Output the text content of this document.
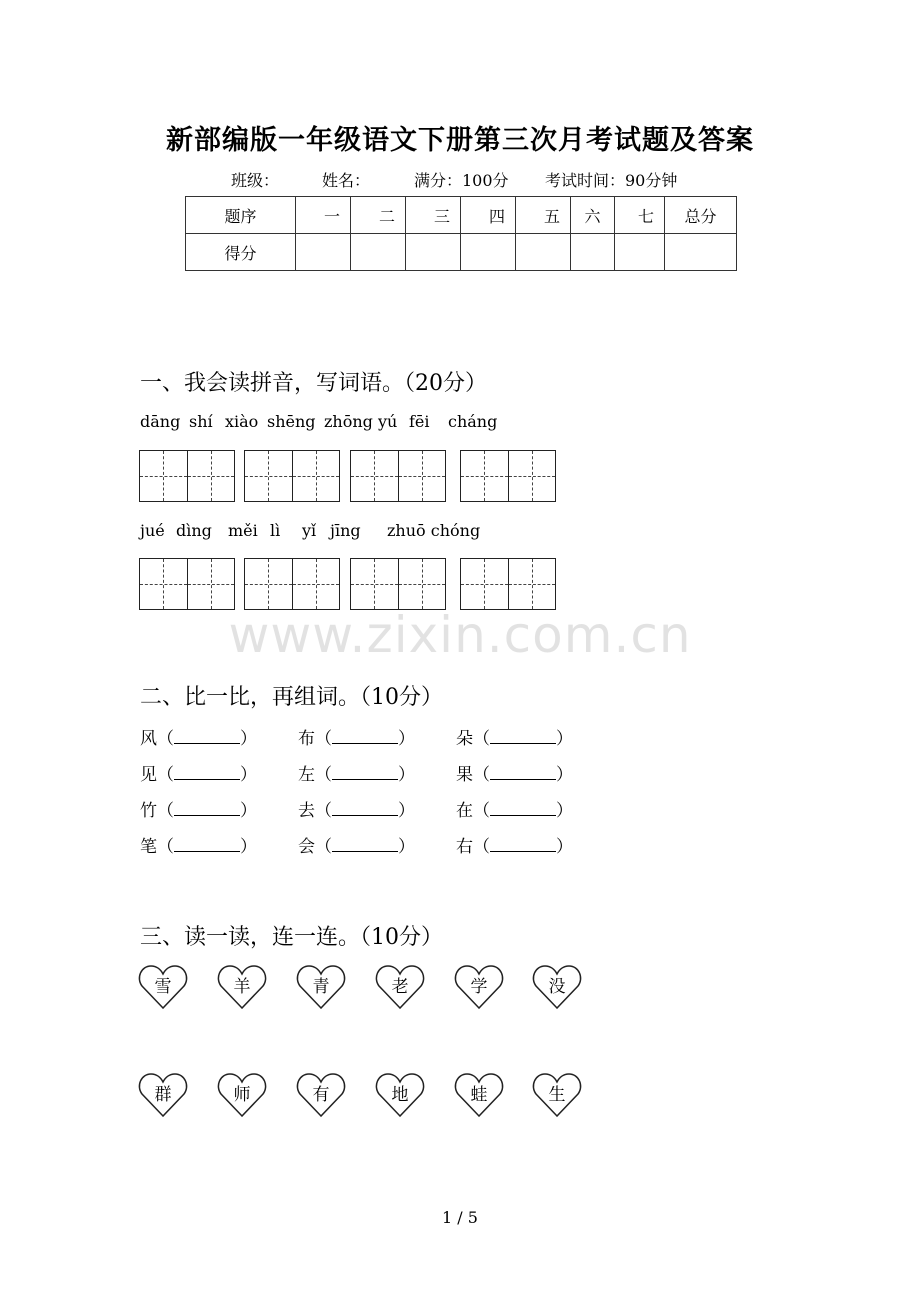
新部编版一年级语文下册第三次月考试题及答案
班级：	姓名：	满分：100分 考试时间：90分钟
题序	一	二	三	四	五	六	七	总分
得分								
一、我会读拼音，写词语。（20分）
dāng shí xiào shēng zhōng yú fēi cháng
jué dìng měi lì yǐ jīng zhuō chóng
www.zixin.com.cn
二、比一比，再组词。（10分）
风（	） 布（	） 朵（	）
见（	） 左（	） 果（	）
竹（	） 去（	） 在（	）
笔（	） 会（	） 右（	）
三、读一读，连一连。（10分）
雪	羊	青	老	学	没
群	师	有	地	蛙	生
1 / 5
